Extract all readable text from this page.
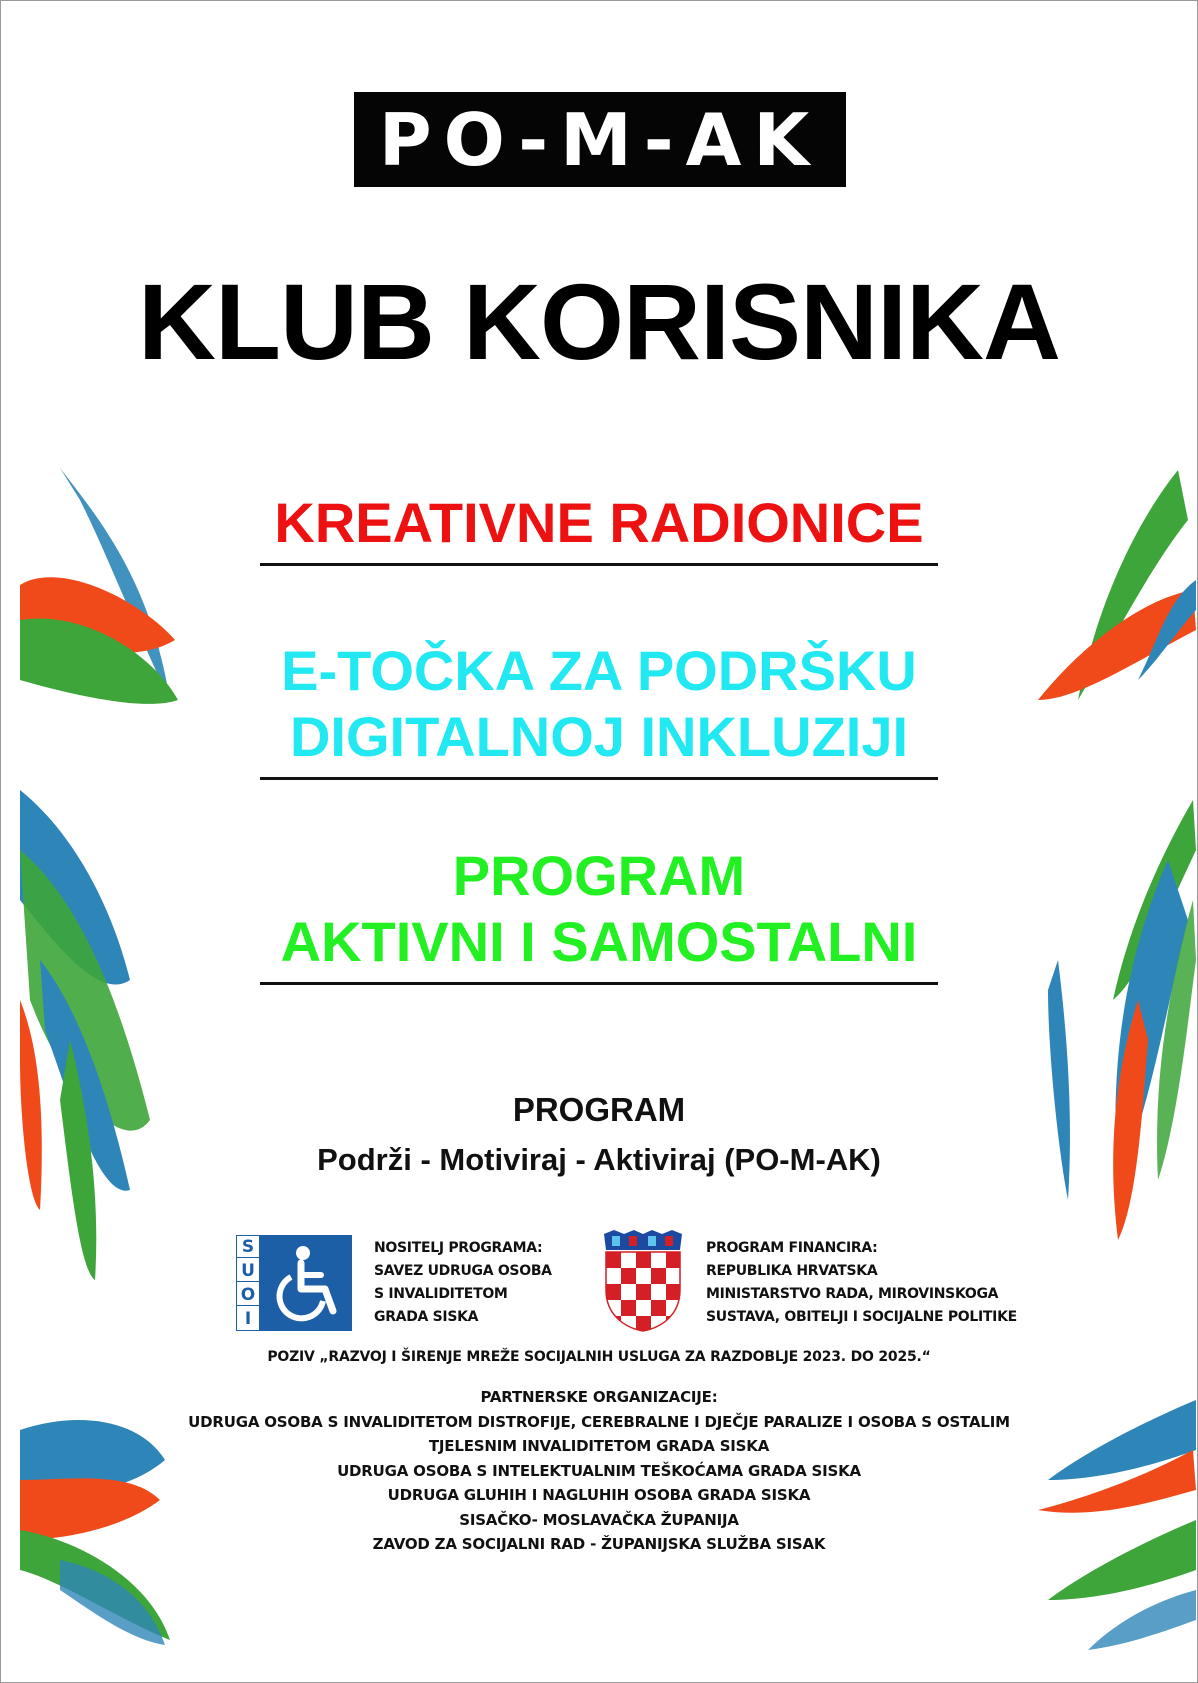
PO-M-AK
KLUB KORISNIKA
KREATIVNE RADIONICE
E-TOČKA ZA PODRŠKU
DIGITALNOJ INKLUZIJI
PROGRAM
AKTIVNI I SAMOSTALNI
PROGRAM
Podrži - Motiviraj - Aktiviraj (PO-M-AK)
S
U
O
I
NOSITELJ PROGRAMA:
SAVEZ UDRUGA OSOBA
S INVALIDITETOM
GRADA SISKA
PROGRAM FINANCIRA:
REPUBLIKA HRVATSKA
MINISTARSTVO RADA, MIROVINSKOGA
SUSTAVA, OBITELJI I SOCIJALNE POLITIKE
POZIV „RAZVOJ I ŠIRENJE MREŽE SOCIJALNIH USLUGA ZA RAZDOBLJE 2023. DO 2025.“
PARTNERSKE ORGANIZACIJE:
UDRUGA OSOBA S INVALIDITETOM DISTROFIJE, CEREBRALNE I DJEČJE PARALIZE I OSOBA S OSTALIM
TJELESNIM INVALIDITETOM GRADA SISKA
UDRUGA OSOBA S INTELEKTUALNIM TEŠKOĆAMA GRADA SISKA
UDRUGA GLUHIH I NAGLUHIH OSOBA GRADA SISKA
SISAČKO- MOSLAVAČKA ŽUPANIJA
ZAVOD ZA SOCIJALNI RAD - ŽUPANIJSKA SLUŽBA SISAK
